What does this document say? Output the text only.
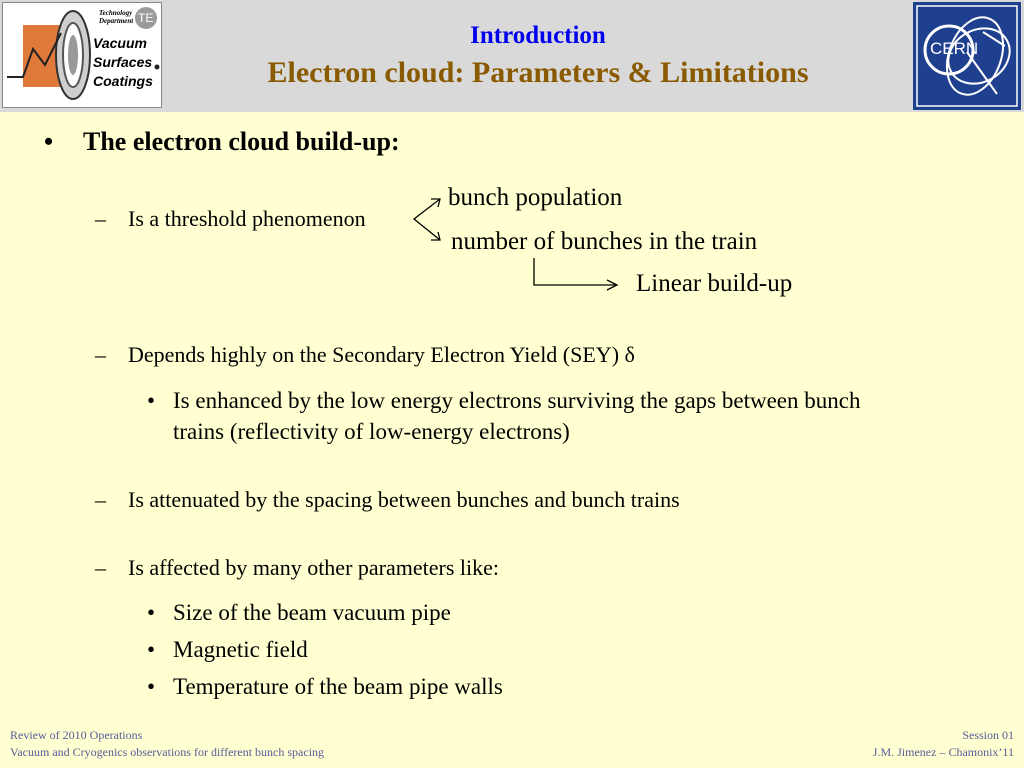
Technology
Department TE
Vacuum
Surfaces
Coatings
Introduction
Electron cloud: Parameters & Limitations
CERN
• The electron cloud build-up:
– Is a threshold phenomenon
bunch population
number of bunches in the train
Linear build-up
– Depends highly on the Secondary Electron Yield (SEY) δ
• Is enhanced by the low energy electrons surviving the gaps between bunch
trains (reflectivity of low-energy electrons)
– Is attenuated by the spacing between bunches and bunch trains
– Is affected by many other parameters like:
• Size of the beam vacuum pipe
• Magnetic field
• Temperature of the beam pipe walls
Review of 2010 Operations
Vacuum and Cryogenics observations for different bunch spacing
Session 01
J.M. Jimenez – Chamonix’11
